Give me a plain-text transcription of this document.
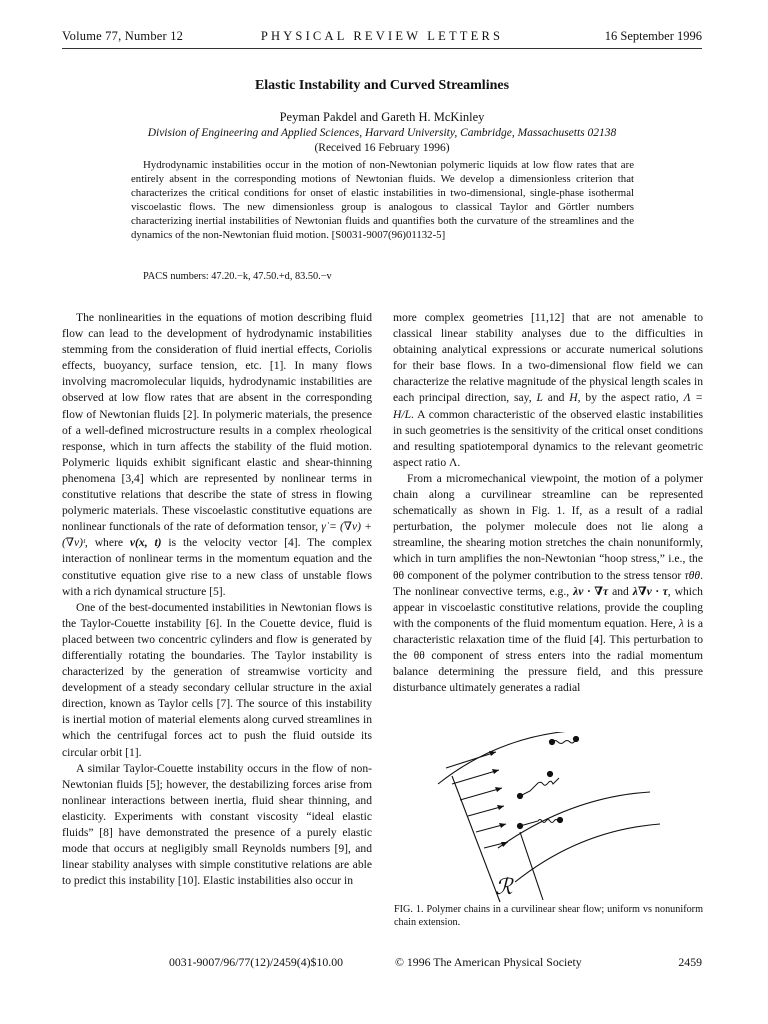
Volume 77, Number 12	PHYSICAL REVIEW LETTERS	16 September 1996
Elastic Instability and Curved Streamlines
Peyman Pakdel and Gareth H. McKinley
Division of Engineering and Applied Sciences, Harvard University, Cambridge, Massachusetts 02138
(Received 16 February 1996)
Hydrodynamic instabilities occur in the motion of non-Newtonian polymeric liquids at low flow rates that are entirely absent in the corresponding motions of Newtonian fluids. We develop a dimensionless criterion that characterizes the critical conditions for onset of elastic instabilities in two-dimensional, single-phase isothermal viscoelastic flows. The new dimensionless group is analogous to classical Taylor and Görtler numbers characterizing inertial instabilities of Newtonian fluids and quantifies both the curvature of the streamlines and the dynamics of the non-Newtonian fluid motion. [S0031-9007(96)01132-5]
PACS numbers: 47.20.−k, 47.50.+d, 83.50.−v

The nonlinearities in the equations of motion describing fluid flow can lead to the development of hydrodynamic instabilities stemming from the consideration of fluid inertial effects, Coriolis effects, buoyancy, surface tension, etc. [1]. In many flows involving macromolecular liquids, hydrodynamic instabilities are observed at low flow rates that are absent in the corresponding flow of Newtonian fluids [2]. In polymeric materials, the presence of a well-defined microstructure results in a complex rheological response, which in turn affects the stability of the fluid motion. Polymeric liquids exhibit significant elastic and shear-thinning phenomena [3,4] which are represented by nonlinear terms in constitutive relations that describe the state of stress in flowing polymeric materials. These viscoelastic constitutive equations are nonlinear functionals of the rate of deformation tensor, γ̇ = (∇v) + (∇v)ᵗ, where v(x, t) is the velocity vector [4]. The complex interaction of nonlinear terms in the momentum equation and the constitutive equation give rise to a new class of unstable flows with a rich dynamical structure [5].

One of the best-documented instabilities in Newtonian flows is the Taylor-Couette instability [6]. In the Couette device, fluid is placed between two concentric cylinders and flow is generated by differentially rotating the boundaries. The Taylor instability is characterized by the generation of streamwise vorticity and development of a steady secondary cellular structure in the axial direction, known as Taylor cells [7]. The source of this instability is inertial motion of material elements along curved streamlines in which the centrifugal forces act to push the fluid outside its circular orbit [1].

A similar Taylor-Couette instability occurs in the flow of non-Newtonian fluids [5]; however, the destabilizing forces arise from nonlinear interactions between inertia, fluid shear thinning, and elasticity. Experiments with constant viscosity “ideal elastic fluids” [8] have demonstrated the presence of a purely elastic mode that occurs at negligibly small Reynolds numbers [9], and linear stability analyses with simple constitutive relations are able to predict this instability [10]. Elastic instabilities also occur in

more complex geometries [11,12] that are not amenable to classical linear stability analyses due to the difficulties in obtaining analytical expressions or accurate numerical solutions for their base flows. In a two-dimensional flow field we can characterize the relative magnitude of the physical length scales in each principal direction, say, L and H, by the aspect ratio, Λ = H/L. A common characteristic of the observed elastic instabilities in such geometries is the sensitivity of the critical onset conditions and resulting spatiotemporal dynamics to the relevant geometric aspect ratio Λ.

From a micromechanical viewpoint, the motion of a polymer chain along a curvilinear streamline can be represented schematically as shown in Fig. 1. If, as a result of a radial perturbation, the polymer molecule does not lie along a streamline, the shearing motion stretches the chain nonuniformly, which in turn amplifies the non-Newtonian “hoop stress,” i.e., the θθ component of the polymer contribution to the stress tensor τθθ. The nonlinear convective terms, e.g., λv · ∇τ and λ∇v · τ, which appear in viscoelastic constitutive relations, provide the coupling with the components of the fluid momentum equation. Here, λ is a characteristic relaxation time of the fluid [4]. This perturbation to the θθ component of stress enters into the radial momentum balance determining the pressure field, and this pressure disturbance ultimately generates a radial

ℛ
FIG. 1. Polymer chains in a curvilinear shear flow; uniform vs nonuniform chain extension.
0031-9007/96/77(12)/2459(4)$10.00	© 1996 The American Physical Society	2459
